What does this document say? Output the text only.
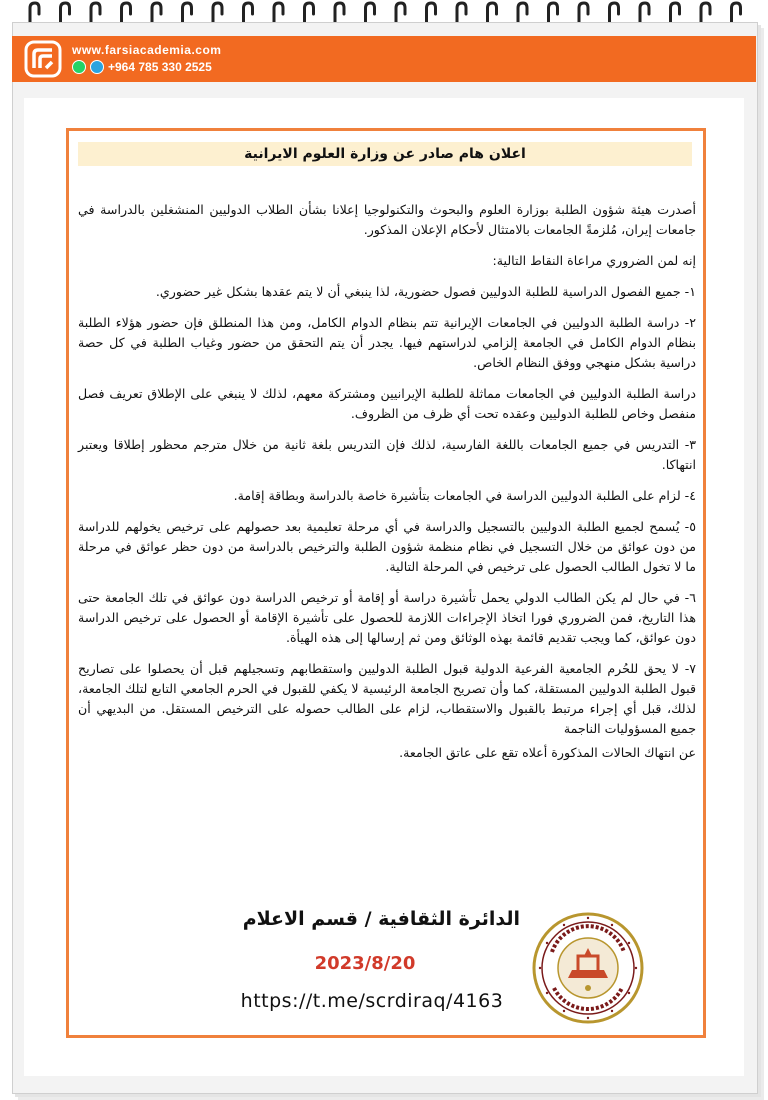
www.farsiacademia.com
+964 785 330 2525
اعلان هام صادر عن وزارة العلوم الايرانية

أصدرت هيئة شؤون الطلبة بوزارة العلوم والبحوث والتكنولوجيا إعلانا بشأن الطلاب الدوليين المنشغلين بالدراسة في جامعات إيران، مُلزمةً الجامعات بالامتثال لأحكام الإعلان المذكور.

إنه لمن الضروري مراعاة النقاط التالية:

١- جميع الفصول الدراسية للطلبة الدوليين فصول حضورية، لذا ينبغي أن لا يتم عقدها بشكل غير حضوري.

٢- دراسة الطلبة الدوليين في الجامعات الإيرانية تتم بنظام الدوام الكامل، ومن هذا المنطلق فإن حضور هؤلاء الطلبة بنظام الدوام الكامل في الجامعة إلزامي لدراستهم فيها. يجدر أن يتم التحقق من حضور وغياب الطلبة في كل حصة دراسية بشكل منهجي ووفق النظام الخاص.

دراسة الطلبة الدوليين في الجامعات مماثلة للطلبة الإيرانيين ومشتركة معهم، لذلك لا ينبغي على الإطلاق تعريف فصل منفصل وخاص للطلبة الدوليين وعقده تحت أي ظرف من الظروف.

٣- التدريس في جميع الجامعات باللغة الفارسية، لذلك فإن التدريس بلغة ثانية من خلال مترجم محظور إطلاقا ويعتبر انتهاكا.

٤- لزام على الطلبة الدوليين الدراسة في الجامعات بتأشيرة خاصة بالدراسة وبطاقة إقامة.

٥- يُسمح لجميع الطلبة الدوليين بالتسجيل والدراسة في أي مرحلة تعليمية بعد حصولهم على ترخيص يخولهم للدراسة من دون عوائق من خلال التسجيل في نظام منظمة شؤون الطلبة والترخيص بالدراسة من دون حظر عوائق في مرحلة ما لا تخول الطالب الحصول على ترخيص في المرحلة التالية.

٦- في حال لم يكن الطالب الدولي يحمل تأشيرة دراسة أو إقامة أو ترخيص الدراسة دون عوائق في تلك الجامعة حتى هذا التاريخ، فمن الضروري فورا اتخاذ الإجراءات اللازمة للحصول على تأشيرة الإقامة أو الحصول على ترخيص الدراسة دون عوائق، كما ويجب تقديم قائمة بهذه الوثائق ومن ثم إرسالها إلى هذه الهيأة.

٧- لا يحق للحُرم الجامعية الفرعية الدولية قبول الطلبة الدوليين واستقطابهم وتسجيلهم قبل أن يحصلوا على تصاريح قبول الطلبة الدوليين المستقلة، كما وأن تصريح الجامعة الرئيسية لا يكفي للقبول في الحرم الجامعي التابع لتلك الجامعة، لذلك، قبل أي إجراء مرتبط بالقبول والاستقطاب، لزام على الطالب حصوله على الترخيص المستقل. من البديهي أن جميع المسؤوليات الناجمة

عن انتهاك الحالات المذكورة أعلاه تقع على عاتق الجامعة.

الدائرة الثقافية / قسم الاعلام
2023/8/20
https://t.me/scrdiraq/4163
